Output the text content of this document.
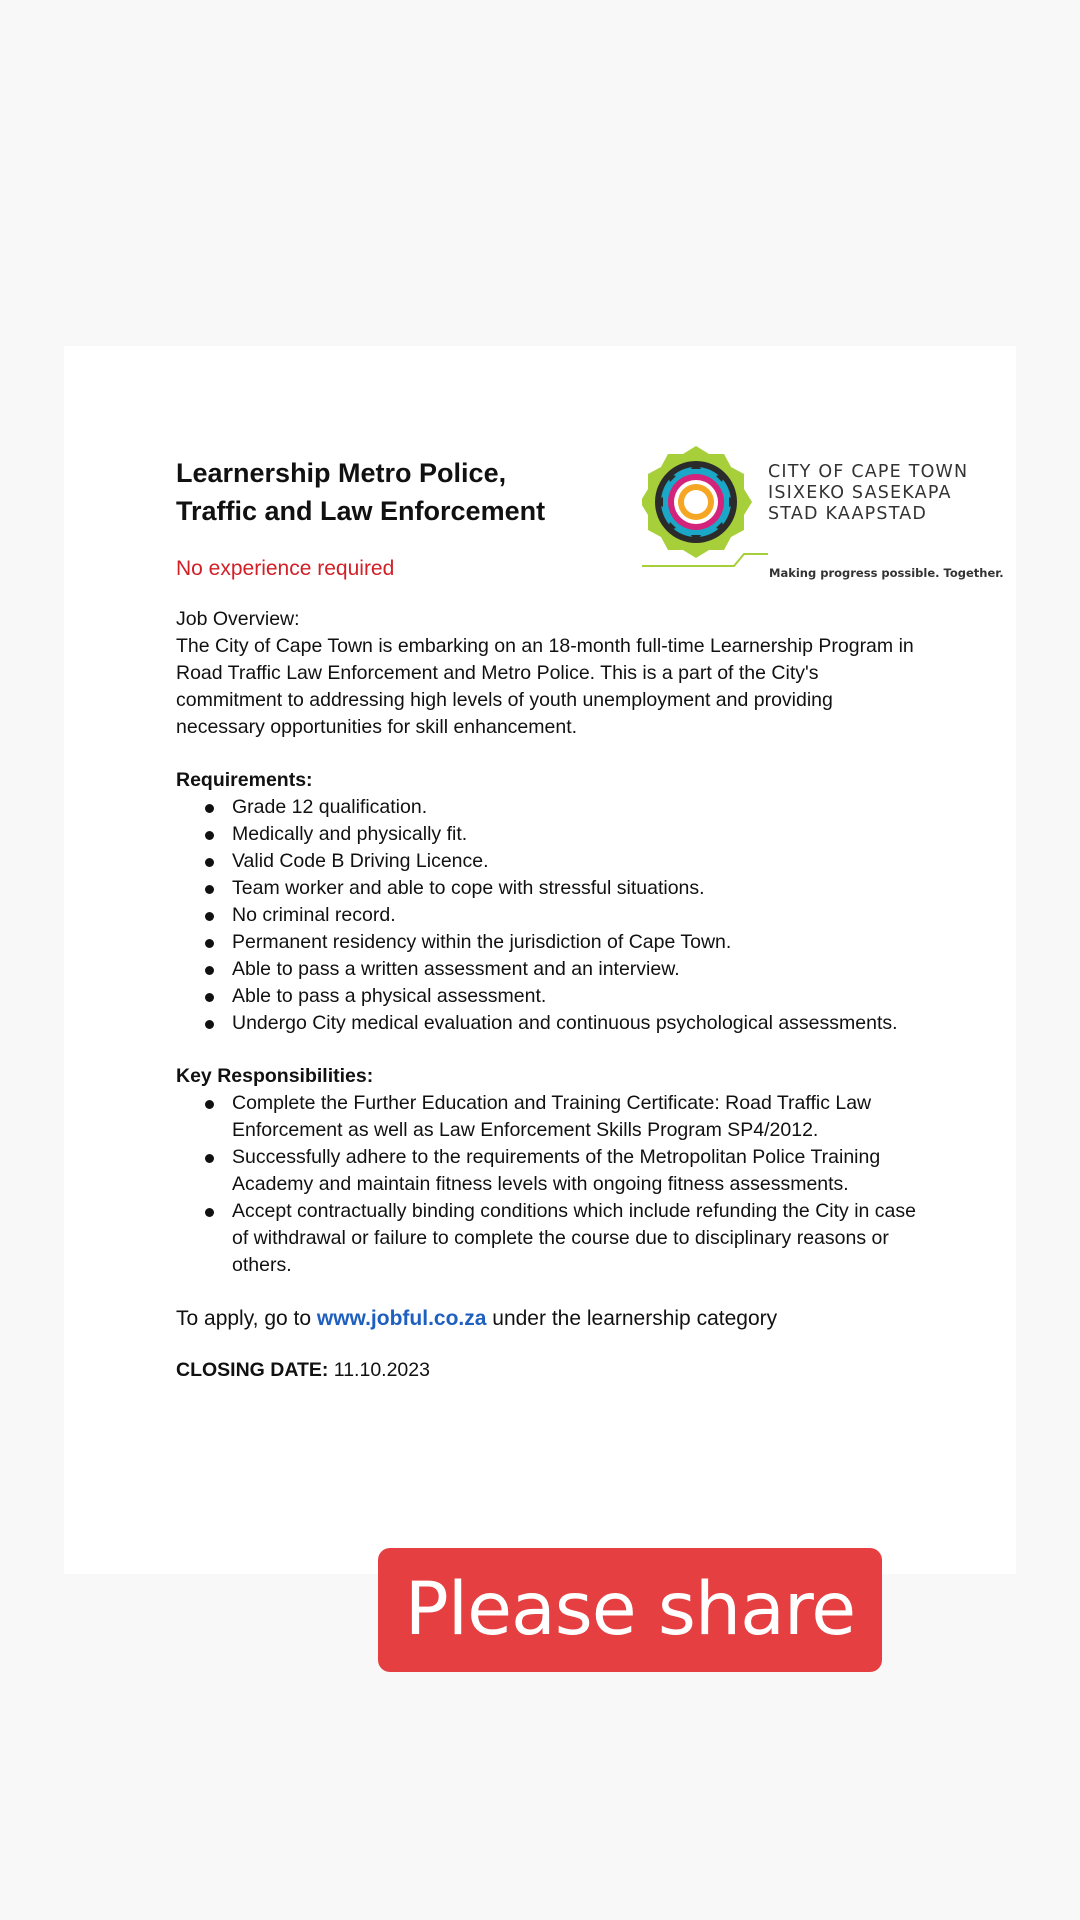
Learnership Metro Police,
Traffic and Law Enforcement
No experience required
Job Overview:
The City of Cape Town is embarking on an 18-month full-time Learnership Program in Road Traffic Law Enforcement and Metro Police. This is a part of the City's commitment to addressing high levels of youth unemployment and providing necessary opportunities for skill enhancement.
Requirements:
Grade 12 qualification.
Medically and physically fit.
Valid Code B Driving Licence.
Team worker and able to cope with stressful situations.
No criminal record.
Permanent residency within the jurisdiction of Cape Town.
Able to pass a written assessment and an interview.
Able to pass a physical assessment.
Undergo City medical evaluation and continuous psychological assessments.
Key Responsibilities:
Complete the Further Education and Training Certificate: Road Traffic Law Enforcement as well as Law Enforcement Skills Program SP4/2012.
Successfully adhere to the requirements of the Metropolitan Police Training Academy and maintain fitness levels with ongoing fitness assessments.
Accept contractually binding conditions which include refunding the City in case of withdrawal or failure to complete the course due to disciplinary reasons or others.
To apply, go to www.jobful.co.za under the learnership category
CLOSING DATE: 11.10.2023
CITY OF CAPE TOWN
ISIXEKO SASEKAPA
STAD KAAPSTAD
Making progress possible. Together.
Please share
